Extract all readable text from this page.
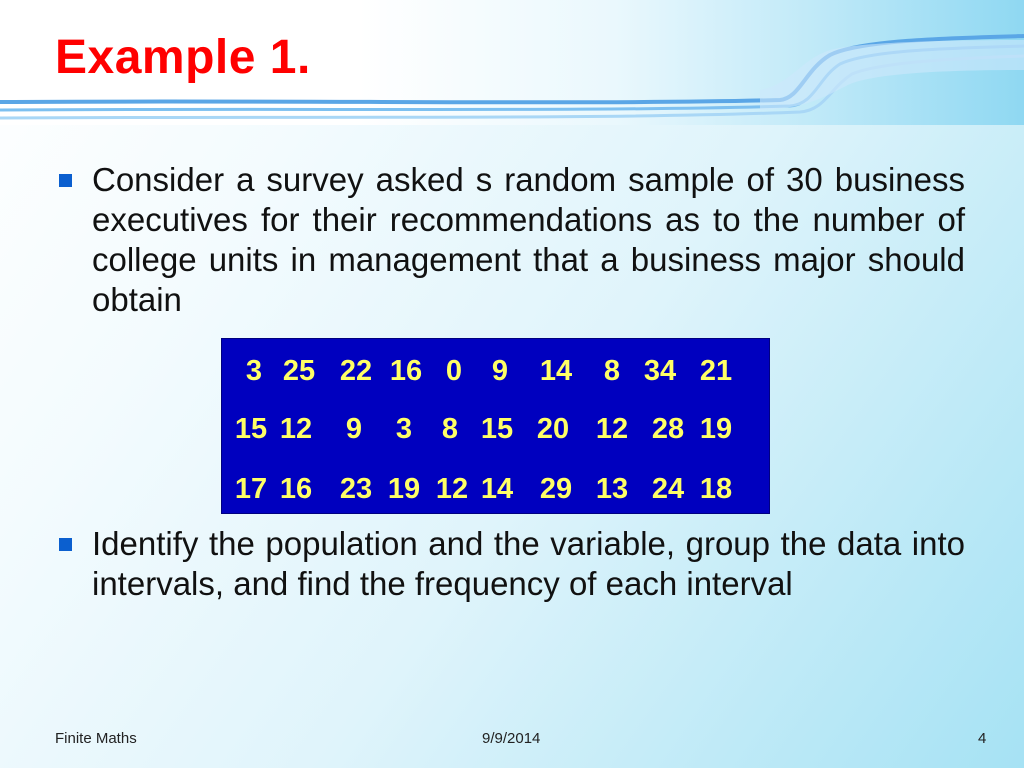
Example 1.
Consider a survey asked s random sample of 30 business executives for their recommendations as to the number of college units in management that a business major should obtain
3 25 22 16 0	9	14	8 34 21
15 12	9	3	8 15 20 12 28 19
17 16 23 19 12 14 29 13 24 18
Identify the population and the variable, group the data into intervals, and find the frequency of each interval
Finite Maths	9/9/2014	4
